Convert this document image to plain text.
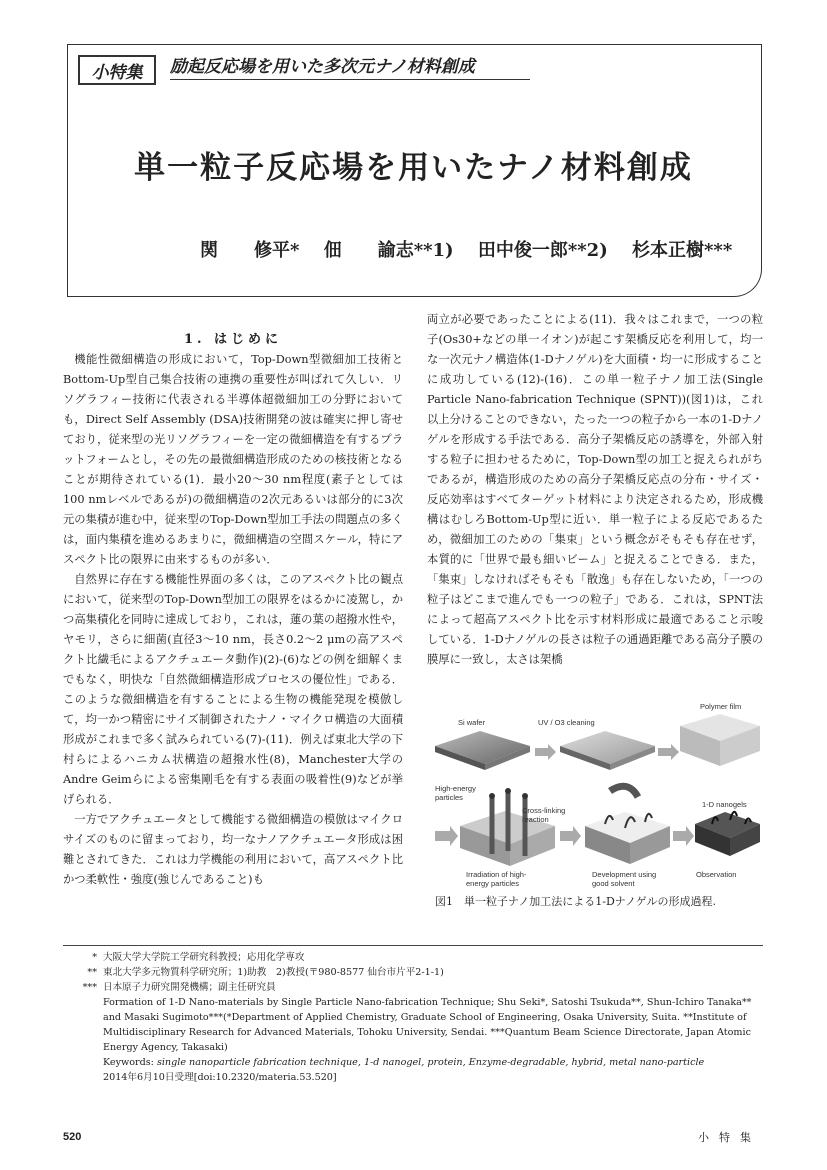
小特集	励起反応場を用いた多次元ナノ材料創成
単一粒子反応場を用いたナノ材料創成
関　　修平* 佃　　諭志**1) 田中俊一郎**2) 杉本正樹***
1. はじめに

機能性微細構造の形成において，Top-Down型微細加工技術とBottom-Up型自己集合技術の連携の重要性が叫ばれて久しい．リソグラフィー技術に代表される半導体超微細加工の分野においても，Direct Self Assembly (DSA)技術開発の波は確実に押し寄せており，従来型の光リソグラフィーを一定の微細構造を有するプラットフォームとし，その先の最微細構造形成のための核技術となることが期待されている(1)．最小20～30 nm程度(素子としては100 nmレベルであるが)の微細構造の2次元あるいは部分的に3次元の集積が進む中，従来型のTop-Down型加工手法の問題点の多くは，面内集積を進めるあまりに，微細構造の空間スケール，特にアスペクト比の限界に由来するものが多い．

自然界に存在する機能性界面の多くは，このアスペクト比の観点において，従来型のTop-Down型加工の限界をはるかに凌駕し，かつ高集積化を同時に達成しており，これは，蓮の葉の超撥水性や，ヤモリ，さらに細菌(直径3～10 nm，長さ0.2～2 μmの高アスペクト比繊毛によるアクチュエータ動作)(2)-(6)などの例を細解くまでもなく，明快な「自然微細構造形成プロセスの優位性」である．このような微細構造を有することによる生物の機能発現を模倣して，均一かつ精密にサイズ制御されたナノ・マイクロ構造の大面積形成がこれまで多く試みられている(7)-(11)．例えば東北大学の下村らによるハニカム状構造の超撥水性(8)，Manchester大学のAndre Geimらによる密集剛毛を有する表面の吸着性(9)などが挙げられる．

一方でアクチュエータとして機能する微細構造の模倣はマイクロサイズのものに留まっており，均一なナノアクチュエータ形成は困難とされてきた．これは力学機能の利用において，高アスペクト比かつ柔軟性・強度(強じんであること)も

両立が必要であったことによる(11)．我々はこれまで，一つの粒子(Os30+などの単一イオン)が起こす架橋反応を利用して，均一な一次元ナノ構造体(1-Dナノゲル)を大面積・均一に形成することに成功している(12)-(16)．この単一粒子ナノ加工法(Single Particle Nano-fabrication Technique (SPNT))(図1)は，これ以上分けることのできない，たった一つの粒子から一本の1-Dナノゲルを形成する手法である．高分子架橋反応の誘導を，外部入射する粒子に担わせるために，Top-Down型の加工と捉えられがちであるが，構造形成のための高分子架橋反応点の分布・サイズ・反応効率はすべてターゲット材料により決定されるため，形成機構はむしろBottom-Up型に近い．単一粒子による反応であるため，微細加工のための「集束」という概念がそもそも存在せず，本質的に「世界で最も細いビーム」と捉えることできる．また，「集束」しなければそもそも「散逸」も存在しないため，「一つの粒子はどこまで進んでも一つの粒子」である．これは，SPNT法によって超高アスペクト比を示す材料形成に最適であること示唆している．1-Dナノゲルの長さは粒子の通過距離である高分子膜の膜厚に一致し，太さは架橋

Si wafer	UV / O3 cleaning
Polymer film
High-energy particles
Cross-linking reaction
1-D nanogels
Irradiation of high-energy particles
Development using good solvent
Observation
図1　単一粒子ナノ加工法による1-Dナノゲルの形成過程.
* 大阪大学大学院工学研究科教授；応用化学専攻
** 東北大学多元物質科学研究所；1)助教　2)教授(〒980-8577 仙台市片平2-1-1)
*** 日本原子力研究開発機構；副主任研究員
Formation of 1-D Nano-materials by Single Particle Nano-fabrication Technique; Shu Seki*, Satoshi Tsukuda**, Shun-Ichiro Tanaka** and Masaki Sugimoto***(*Department of Applied Chemistry, Graduate School of Engineering, Osaka University, Suita. **Institute of Multidisciplinary Research for Advanced Materials, Tohoku University, Sendai. ***Quantum Beam Science Directorate, Japan Atomic Energy Agency, Takasaki)
Keywords: single nanoparticle fabrication technique, 1-d nanogel, protein, Enzyme-degradable, hybrid, metal nano-particle
2014年6月10日受理[doi:10.2320/materia.53.520]
520	小特集
